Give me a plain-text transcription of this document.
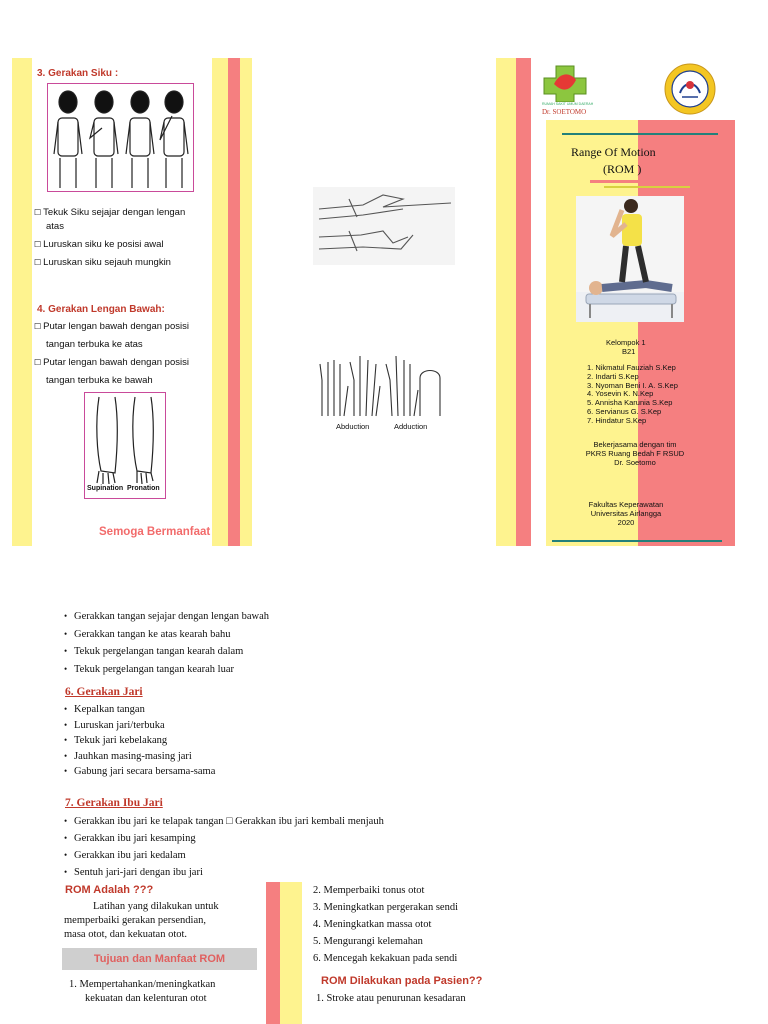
3. Gerakan Siku :
☐ Tekuk Siku sejajar dengan lengan
atas
☐ Luruskan siku ke posisi awal
☐ Luruskan siku sejauh mungkin
4. Gerakan Lengan Bawah:
☐ Putar lengan bawah dengan posisi
tangan terbuka ke atas
☐ Putar lengan bawah dengan posisi
tangan terbuka ke bawah
Supination Pronation
Semoga Bermanfaat
Abduction	Adduction
RUMAH SAKIT UMUM DAERAH
Dr. SOETOMO
Range Of Motion
(ROM )
Kelompok 1
B21
1. Nikmatul Fauziah S.Kep
2. Indarti S.Kep
3. Nyoman Beni I. A. S.Kep
4. Yosevin K. N.Kep
5. Annisha Karunia S.Kep
6. Servianus G. S.Kep
7. Hindatur S.Kep
Bekerjasama dengan tim
PKRS Ruang Bedah F RSUD
Dr. Soetomo
Fakultas Keperawatan
Universitas Airlangga
2020
• Gerakkan tangan sejajar dengan lengan bawah
• Gerakkan tangan ke atas kearah bahu
• Tekuk pergelangan tangan kearah dalam
• Tekuk pergelangan tangan kearah luar
6. Gerakan Jari
• Kepalkan tangan
• Luruskan jari/terbuka
• Tekuk jari kebelakang
• Jauhkan masing-masing jari
• Gabung jari secara bersama-sama
7. Gerakan Ibu Jari
• Gerakkan ibu jari ke telapak tangan □ Gerakkan ibu jari kembali menjauh
• Gerakkan ibu jari kesamping
• Gerakkan ibu jari kedalam
• Sentuh jari-jari dengan ibu jari
ROM Adalah ???
Latihan yang dilakukan untuk
memperbaiki gerakan persendian,
masa otot, dan kekuatan otot.
Tujuan dan Manfaat ROM
1. Mempertahankan/meningkatkan
kekuatan dan kelenturan otot
2. Memperbaiki tonus otot
3. Meningkatkan pergerakan sendi
4. Meningkatkan massa otot
5. Mengurangi kelemahan
6. Mencegah kekakuan pada sendi
ROM Dilakukan pada Pasien??
1. Stroke atau penurunan kesadaran
